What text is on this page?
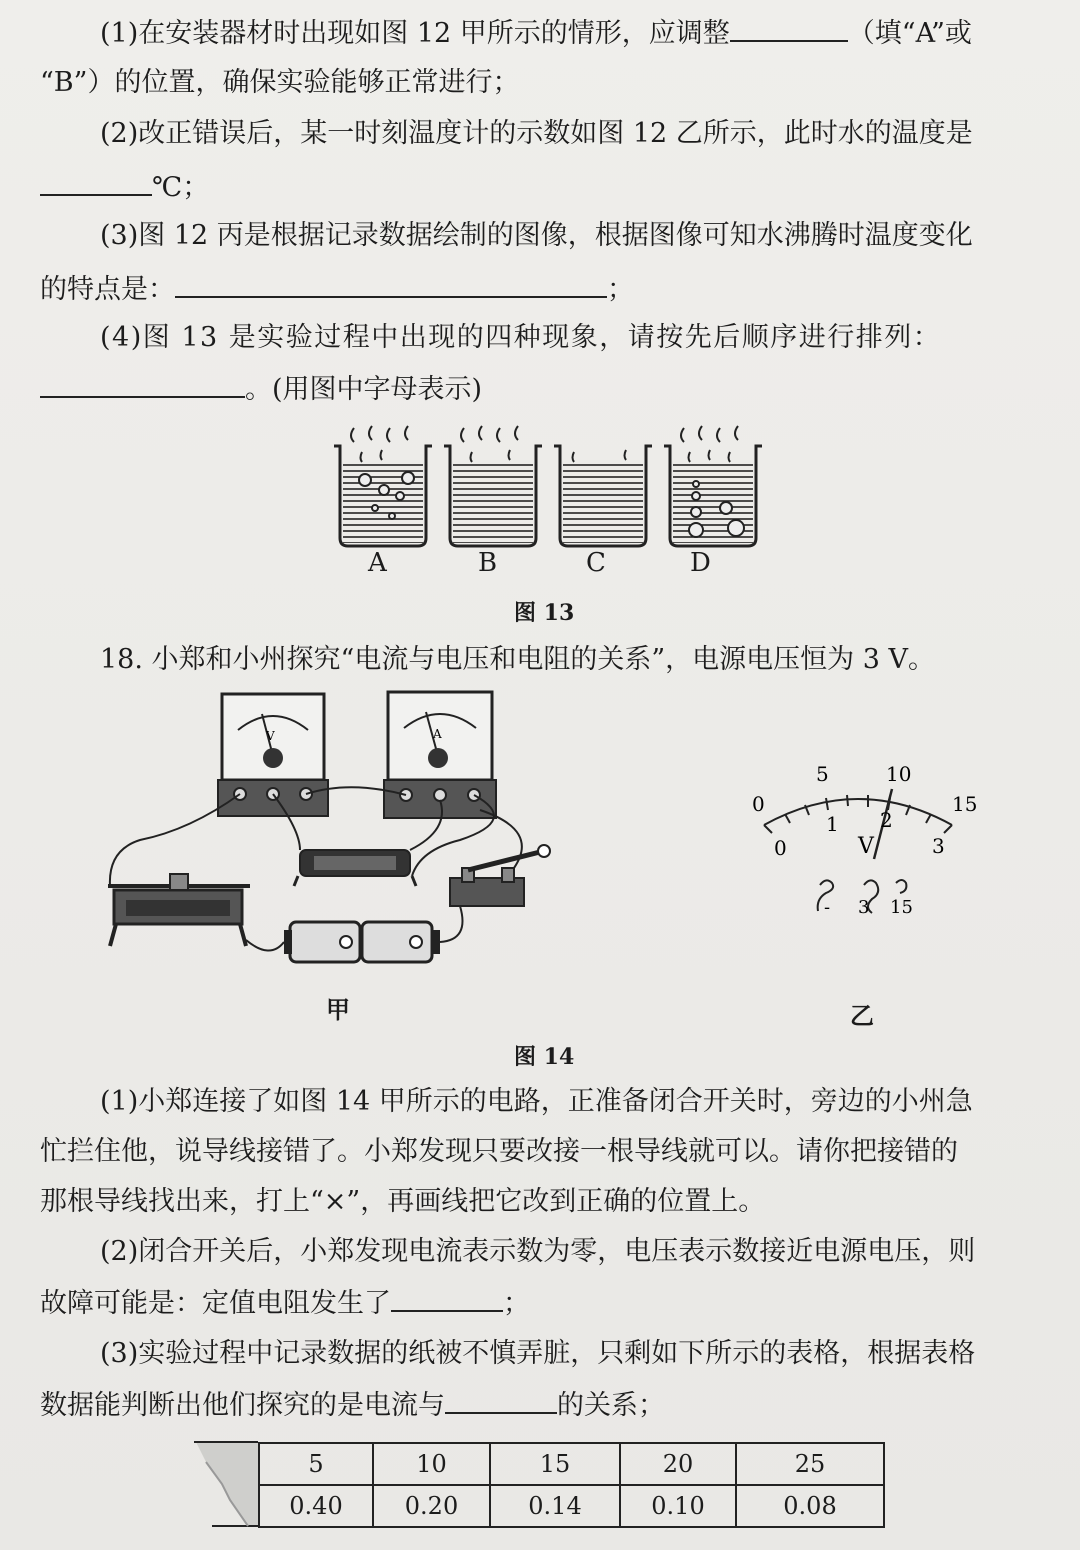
(1)在安装器材时出现如图 12 甲所示的情形，应调整	（填“A”或
“B”）的位置，确保实验能够正常进行；
(2)改正错误后，某一时刻温度计的示数如图 12 乙所示，此时水的温度是
℃；
(3)图 12 丙是根据记录数据绘制的图像，根据图像可知水沸腾时温度变化
的特点是：	；
(4)图 13 是实验过程中出现的四种现象，请按先后顺序进行排列：
。(用图中字母表示)
A	B	C	D
图 13
18. 小郑和小州探究“电流与电压和电阻的关系”，电源电压恒为 3 V。
V	A
甲
0
5	10
15
0
1 2
3
V
- 3 15
乙
图 14
(1)小郑连接了如图 14 甲所示的电路，正准备闭合开关时，旁边的小州急
忙拦住他，说导线接错了。小郑发现只要改接一根导线就可以。请你把接错的
那根导线找出来，打上“×”，再画线把它改到正确的位置上。
(2)闭合开关后，小郑发现电流表示数为零，电压表示数接近电源电压，则
故障可能是：定值电阻发生了	；
(3)实验过程中记录数据的纸被不慎弄脏，只剩如下所示的表格，根据表格
数据能判断出他们探究的是电流与	的关系；
5	10	15	20	25
0.40	0.20	0.14	0.10	0.08
